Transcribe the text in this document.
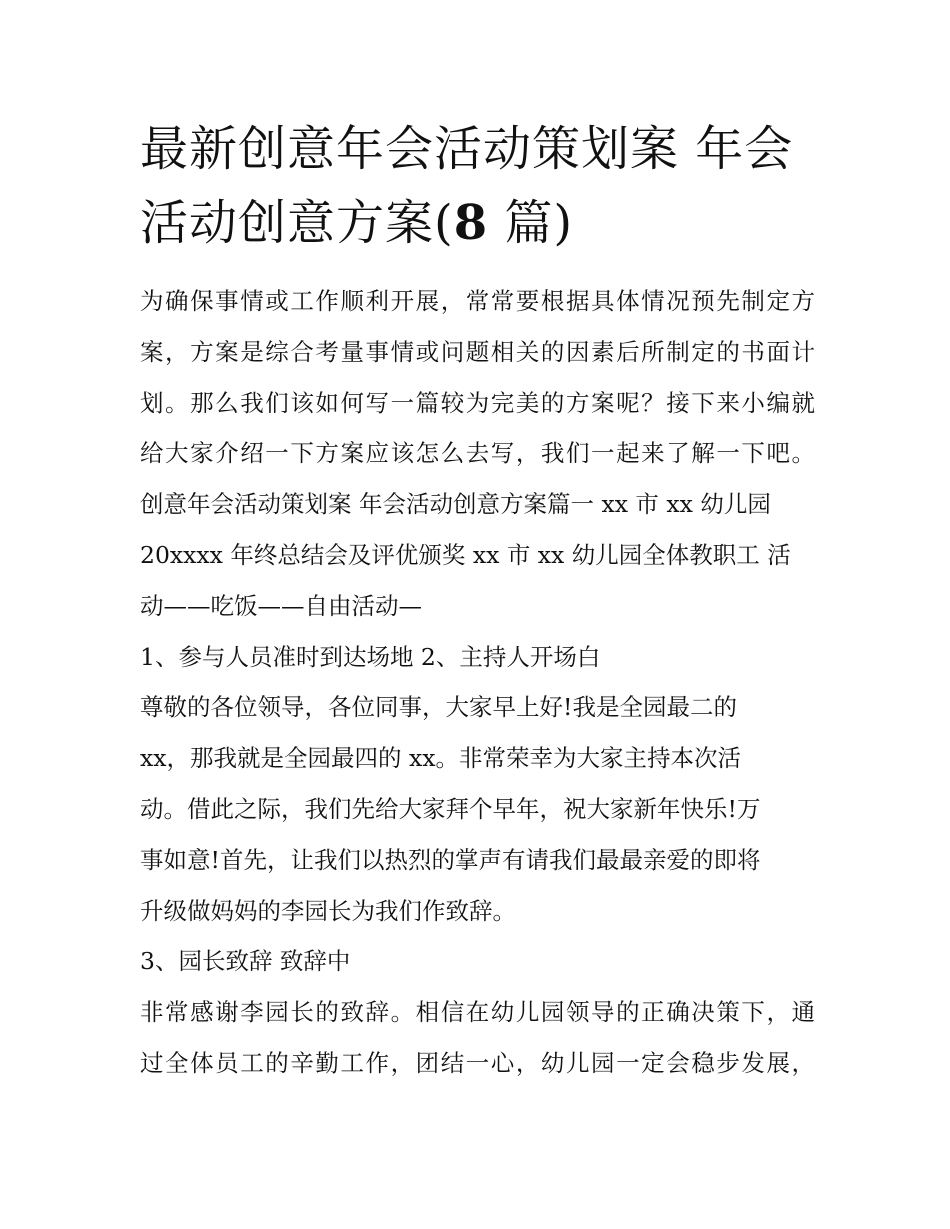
最新创意年会活动策划案 年会活动创意方案(8 篇)
为确保事情或工作顺利开展，常常要根据具体情况预先制定方
案，方案是综合考量事情或问题相关的因素后所制定的书面计
划。那么我们该如何写一篇较为完美的方案呢？接下来小编就
给大家介绍一下方案应该怎么去写，我们一起来了解一下吧。
创意年会活动策划案 年会活动创意方案篇一 xx 市 xx 幼儿园
20xxxx 年终总结会及评优颁奖 xx 市 xx 幼儿园全体教职工 活
动——吃饭——自由活动—
1、参与人员准时到达场地 2、主持人开场白
尊敬的各位领导，各位同事，大家早上好!我是全园最二的
xx，那我就是全园最四的 xx。非常荣幸为大家主持本次活
动。借此之际，我们先给大家拜个早年，祝大家新年快乐!万
事如意!首先，让我们以热烈的掌声有请我们最最亲爱的即将
升级做妈妈的李园长为我们作致辞。
3、园长致辞 致辞中
非常感谢李园长的致辞。相信在幼儿园领导的正确决策下，通
过全体员工的辛勤工作，团结一心，幼儿园一定会稳步发展，
